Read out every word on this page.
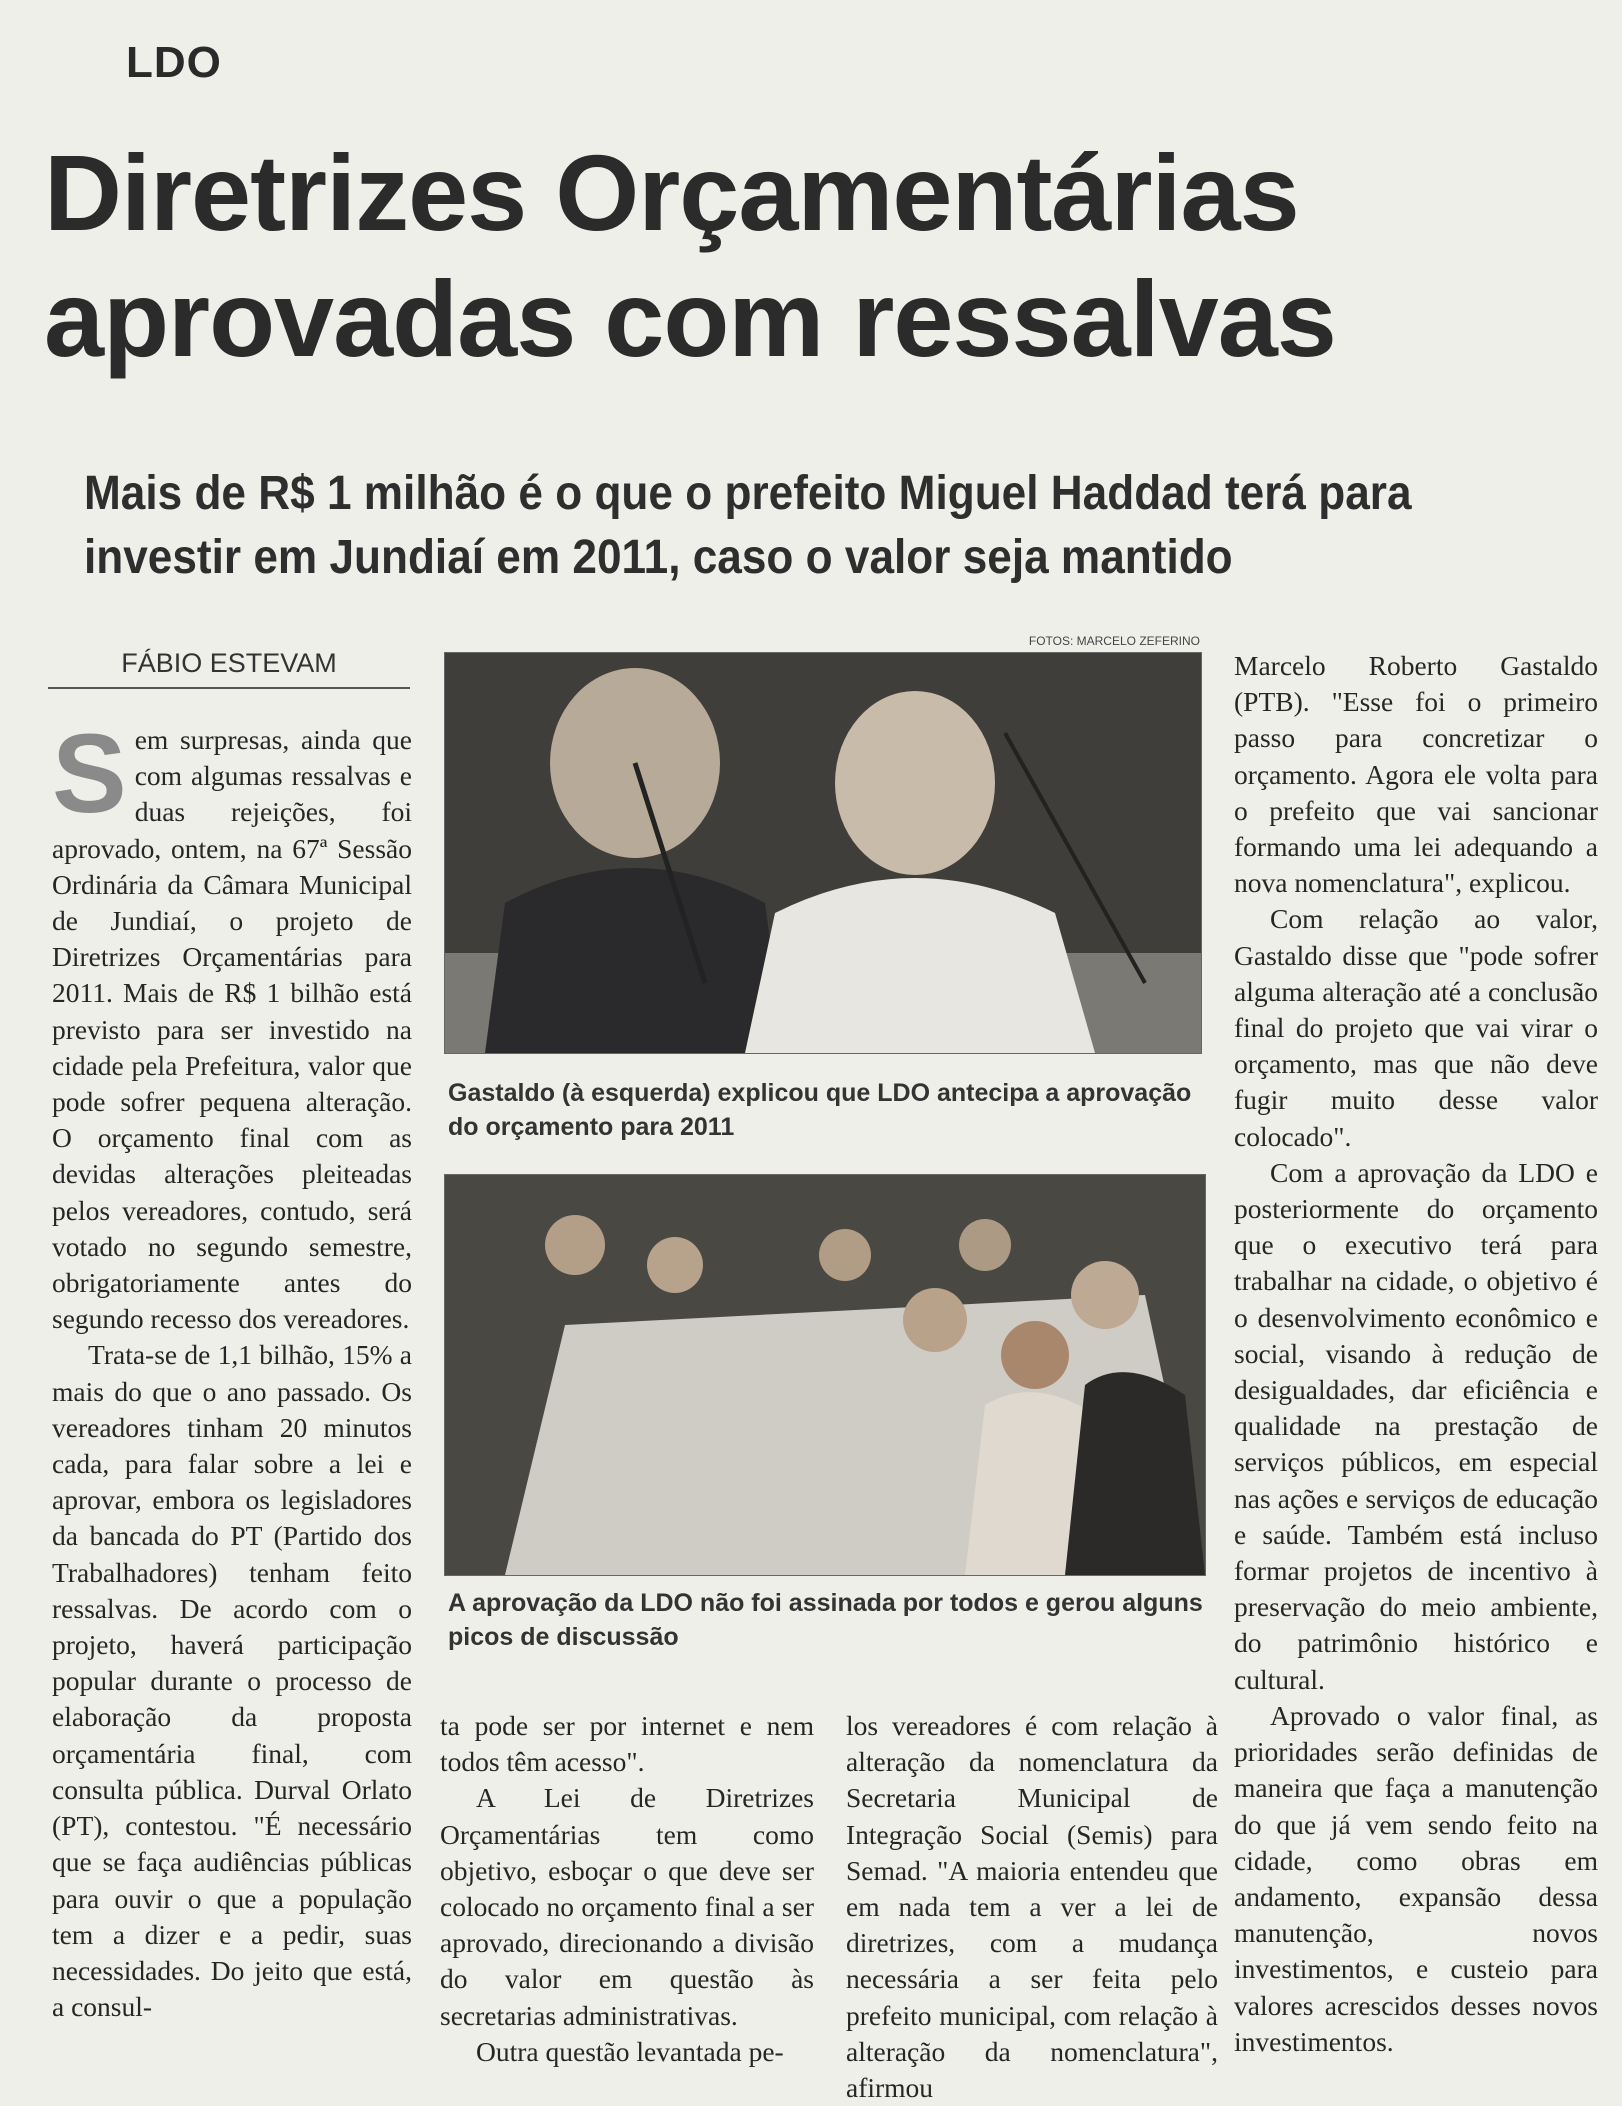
LDO
Diretrizes Orçamentárias aprovadas com ressalvas
Mais de R$ 1 milhão é o que o prefeito Miguel Haddad terá para investir em Jundiaí em 2011, caso o valor seja mantido
FÁBIO ESTEVAM
FOTOS: MARCELO ZEFERINO

Sem surpresas, ainda que com algumas ressalvas e duas rejeições, foi aprovado, ontem, na 67ª Sessão Ordinária da Câmara Municipal de Jundiaí, o projeto de Diretrizes Orçamentárias para 2011. Mais de R$ 1 bilhão está previsto para ser investido na cidade pela Prefeitura, valor que pode sofrer pequena alteração. O orçamento final com as devidas alterações pleiteadas pelos vereadores, contudo, será votado no segundo semestre, obrigatoriamente antes do segundo recesso dos vereadores.

Trata-se de 1,1 bilhão, 15% a mais do que o ano passado. Os vereadores tinham 20 minutos cada, para falar sobre a lei e aprovar, embora os legisladores da bancada do PT (Partido dos Trabalhadores) tenham feito ressalvas. De acordo com o projeto, haverá participação popular durante o processo de elaboração da proposta orçamentária final, com consulta pública. Durval Orlato (PT), contestou. "É necessário que se faça audiências públicas para ouvir o que a população tem a dizer e a pedir, suas necessidades. Do jeito que está, a consul-

Gastaldo (à esquerda) explicou que LDO antecipa a aprovação do orçamento para 2011
A aprovação da LDO não foi assinada por todos e gerou alguns picos de discussão

ta pode ser por internet e nem todos têm acesso".

A Lei de Diretrizes Orçamentárias tem como objetivo, esboçar o que deve ser colocado no orçamento final a ser aprovado, direcionando a divisão do valor em questão às secretarias administrativas.

Outra questão levantada pe-

los vereadores é com relação à alteração da nomenclatura da Secretaria Municipal de Integração Social (Semis) para Semad. "A maioria entendeu que em nada tem a ver a lei de diretrizes, com a mudança necessária a ser feita pelo prefeito municipal, com relação à alteração da nomenclatura", afirmou

Marcelo Roberto Gastaldo (PTB). "Esse foi o primeiro passo para concretizar o orçamento. Agora ele volta para o prefeito que vai sancionar formando uma lei adequando a nova nomenclatura", explicou.

Com relação ao valor, Gastaldo disse que "pode sofrer alguma alteração até a conclusão final do projeto que vai virar o orçamento, mas que não deve fugir muito desse valor colocado".

Com a aprovação da LDO e posteriormente do orçamento que o executivo terá para trabalhar na cidade, o objetivo é o desenvolvimento econômico e social, visando à redução de desigualdades, dar eficiência e qualidade na prestação de serviços públicos, em especial nas ações e serviços de educação e saúde. Também está incluso formar projetos de incentivo à preservação do meio ambiente, do patrimônio histórico e cultural.

Aprovado o valor final, as prioridades serão definidas de maneira que faça a manutenção do que já vem sendo feito na cidade, como obras em andamento, expansão dessa manutenção, novos investimentos, e custeio para valores acrescidos desses novos investimentos.
